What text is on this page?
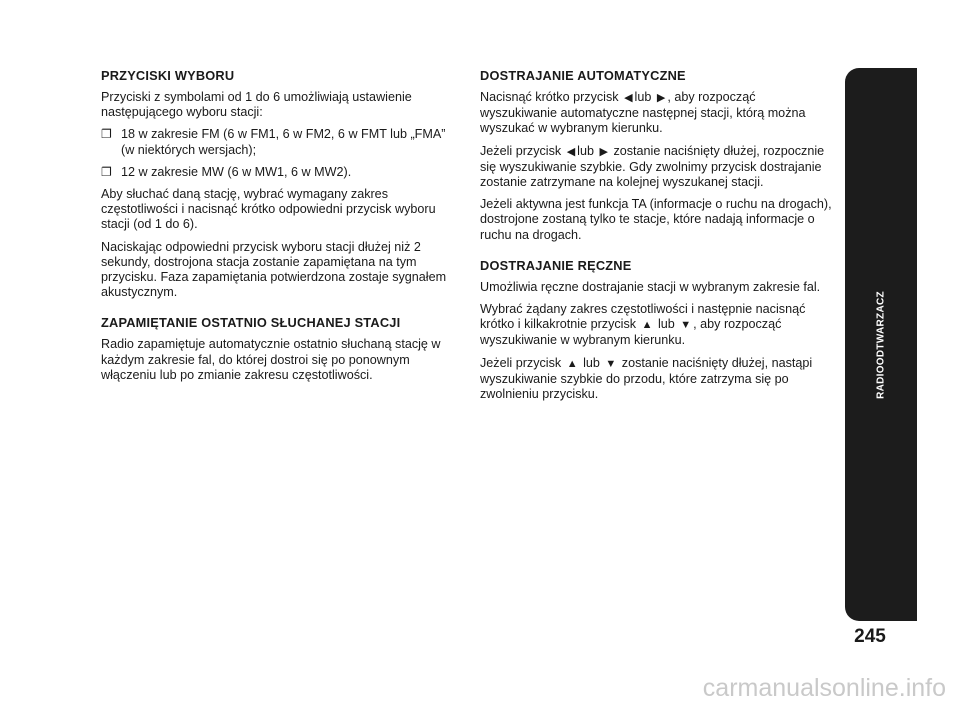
PRZYCISKI WYBORU

Przyciski z symbolami od 1 do 6 umożliwiają ustawienie następującego wyboru stacji:

❐ 18 w zakresie FM (6 w FM1, 6 w FM2, 6 w FMT lub „FMA”
(w niektórych wersjach);
❐ 12 w zakresie MW (6 w MW1, 6 w MW2).

Aby słuchać daną stację, wybrać wymagany zakres częstotliwości i nacisnąć krótko odpowiedni przycisk wyboru stacji (od 1 do 6).

Naciskając odpowiedni przycisk wyboru stacji dłużej niż 2 sekundy, dostrojona stacja zostanie zapamiętana na tym przycisku. Faza zapamiętania potwierdzona zostaje sygnałem akustycznym.

ZAPAMIĘTANIE OSTATNIO SŁUCHANEJ STACJI

Radio zapamiętuje automatycznie ostatnio słuchaną stację w każdym zakresie fal, do której dostroi się po ponownym włączeniu lub po zmianie zakresu częstotliwości.

DOSTRAJANIE AUTOMATYCZNE

Nacisnąć krótko przycisk ◀ lub ▶ , aby rozpocząć wyszukiwanie automatyczne następnej stacji, którą można wyszukać w wybranym kierunku.

Jeżeli przycisk ◀ lub ▶ zostanie naciśnięty dłużej, rozpocznie się wyszukiwanie szybkie. Gdy zwolnimy przycisk dostrajanie zostanie zatrzymane na kolejnej wyszukanej stacji.

Jeżeli aktywna jest funkcja TA (informacje o ruchu na drogach), dostrojone zostaną tylko te stacje, które nadają informacje o ruchu na drogach.

DOSTRAJANIE RĘCZNE

Umożliwia ręczne dostrajanie stacji w wybranym zakresie fal.

Wybrać żądany zakres częstotliwości i następnie nacisnąć krótko i kilkakrotnie przycisk ▲ lub ▼ , aby rozpocząć wyszukiwanie w wybranym kierunku.

Jeżeli przycisk ▲ lub ▼ zostanie naciśnięty dłużej, nastąpi wyszukiwanie szybkie do przodu, które zatrzyma się po zwolnieniu przycisku.	RADIOODTWARZACZ
245
carmanualsonline.info
